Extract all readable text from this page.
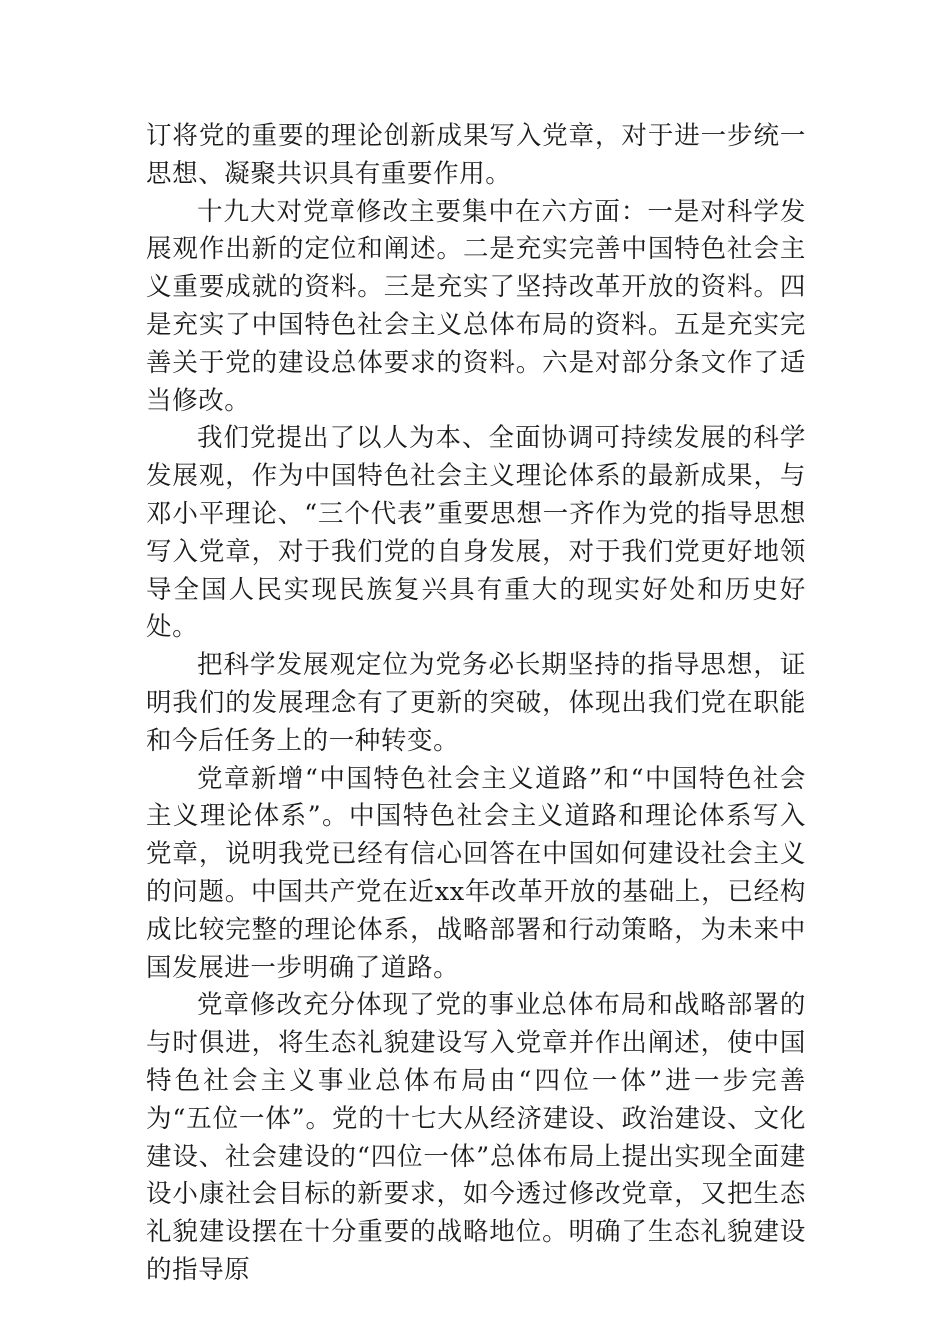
订将党的重要的理论创新成果写入党章，对于进一步统一思想、凝聚共识具有重要作用。

十九大对党章修改主要集中在六方面：一是对科学发展观作出新的定位和阐述。二是充实完善中国特色社会主义重要成就的资料。三是充实了坚持改革开放的资料。四是充实了中国特色社会主义总体布局的资料。五是充实完善关于党的建设总体要求的资料。六是对部分条文作了适当修改。

我们党提出了以人为本、全面协调可持续发展的科学发展观，作为中国特色社会主义理论体系的最新成果，与邓小平理论、“三个代表”重要思想一齐作为党的指导思想写入党章，对于我们党的自身发展，对于我们党更好地领导全国人民实现民族复兴具有重大的现实好处和历史好处。

把科学发展观定位为党务必长期坚持的指导思想，证明我们的发展理念有了更新的突破，体现出我们党在职能和今后任务上的一种转变。

党章新增“中国特色社会主义道路”和“中国特色社会主义理论体系”。中国特色社会主义道路和理论体系写入党章，说明我党已经有信心回答在中国如何建设社会主义的问题。中国共产党在近xx年改革开放的基础上，已经构成比较完整的理论体系，战略部署和行动策略，为未来中国发展进一步明确了道路。

党章修改充分体现了党的事业总体布局和战略部署的与时俱进，将生态礼貌建设写入党章并作出阐述，使中国特色社会主义事业总体布局由“四位一体”进一步完善为“五位一体”。党的十七大从经济建设、政治建设、文化建设、社会建设的“四位一体”总体布局上提出实现全面建设小康社会目标的新要求，如今透过修改党章，又把生态礼貌建设摆在十分重要的战略地位。明确了生态礼貌建设的指导原
